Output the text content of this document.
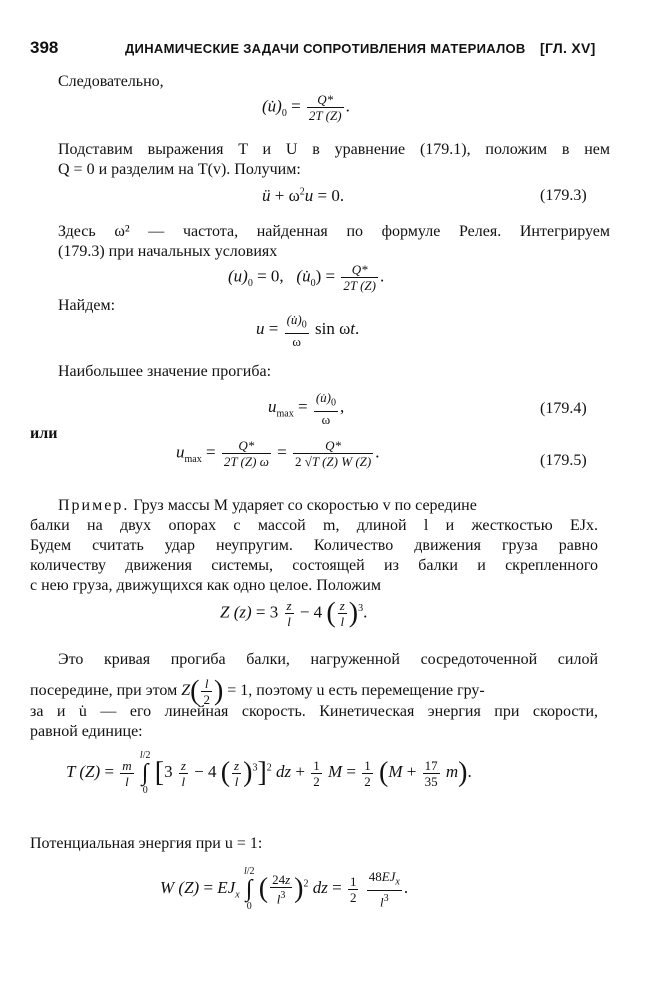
398	ДИНАМИЧЕСКИЕ ЗАДАЧИ СОПРОТИВЛЕНИЯ МАТЕРИАЛОВ [ГЛ. XV]
Следовательно,
$(u̇)_0 = \frac{Q*}{2T (Z)}$ .
Подставим выражения T и U в уравнение (179.1), положим в нем
Q = 0 и разделим на T(v). Получим:
ü + $\omega^2u = 0$.	(179.3)
Здесь ω² — частота, найденная по формуле Релея. Интегрируем
(179.3) при начальных условиях
$(u)_0 = 0$,   $(u̇_0) = \frac{Q*}{2T (Z)}$ .
Найдем:
$u = \frac{(u̇)_0}{\omega}$ sin ωt.
Наибольшее значение прогиба:
$u_{max} = \frac{(u̇)_0}{\omega}$ ,	(179.4)
или
$u_{max} = \frac{Q*}{2T (Z) \omega} = \frac{Q*}{2 √T (Z) W (Z)}$ .	(179.5)
Пример. Груз массы M ударяет со скоростью v по середине
балки на двух опорах с массой m, длиной l и жесткостью EJx.
Будем считать удар неупругим. Количество движения груза равно
количеству движения системы, состоящей из балки и скрепленного
с нею груза, движущихся как одно целое. Положим
Z $(z) = 3 \frac{z}{l} - 4$ ( $\frac{z}{l} )^3$.
Это кривая прогиба балки, нагруженной сосредоточенной силой
посередине, при этом $Z( \frac{l}{2}$ ) = 1, поэтому u есть перемещение гру-
за и u̇ — его линейная скорость. Кинетическая энергия при скорости,
равной единице:
T $(Z) = \frac{m}{l}$
l/2
∫
0 [$3 \frac{z}{l} - 4$ ( $\frac{z}{l} )^3]^2$ dz + $\frac{1}{2}$ $M = \frac{1}{2} (M + \frac{17}{35} m)$.
Потенциальная энергия при u = 1:
W $(Z) = EJ_x$ l/2
∫
0 ( $\frac{24z}{l^3} )^2$ dz = $\frac{1}{2}$
$\frac{48EJ_x}{l^3}$ .
